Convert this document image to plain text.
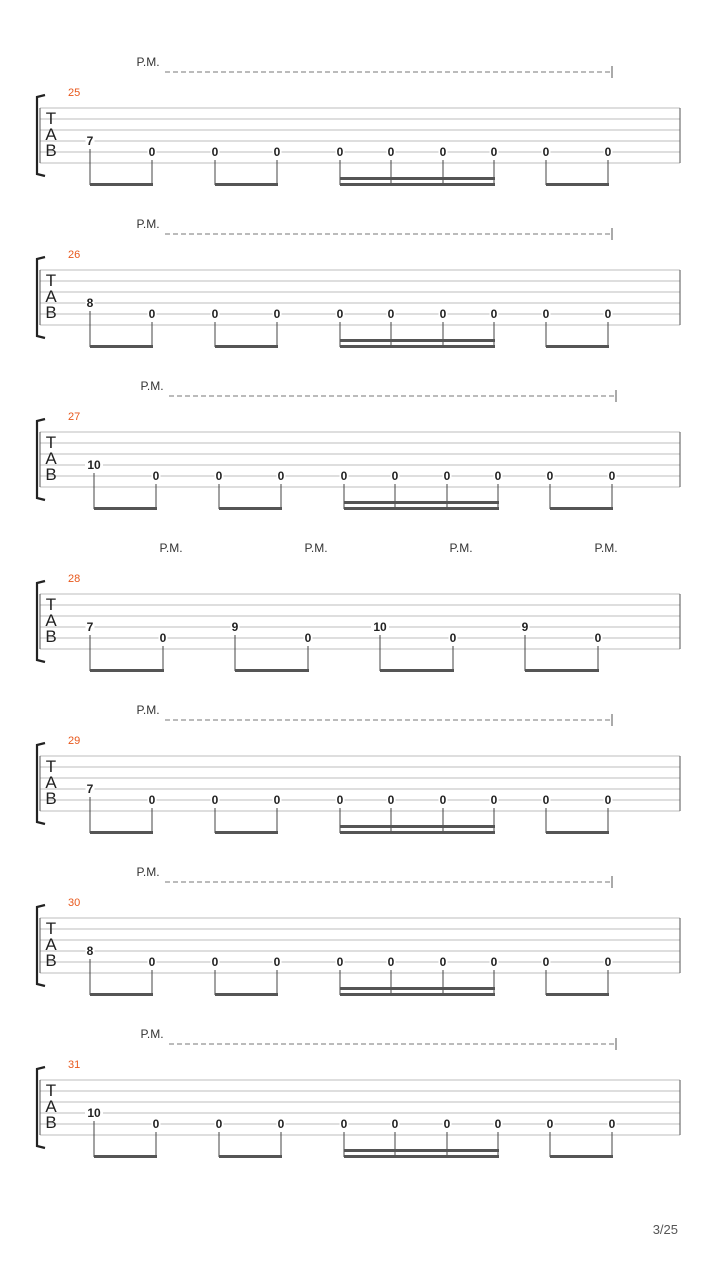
T
A
B
25
P.M.
7
0	0	0	0	0	0	0	0	0
T
A
B
26
P.M.
8
0	0	0	0	0	0	0	0	0
T
A
B
27
P.M.
10
0	0	0	0	0	0	0	0	0
T
A
B
28
P.M.	P.M.	P.M.	P.M.
7
0
9
0
10
0
9
0
T
A
B
29
P.M.
7
0	0	0	0	0	0	0	0	0
T
A
B
30
P.M.
8
0	0	0	0	0	0	0	0	0
T
A
B
31
P.M.
10
0	0	0	0	0	0	0	0	0
3/25
